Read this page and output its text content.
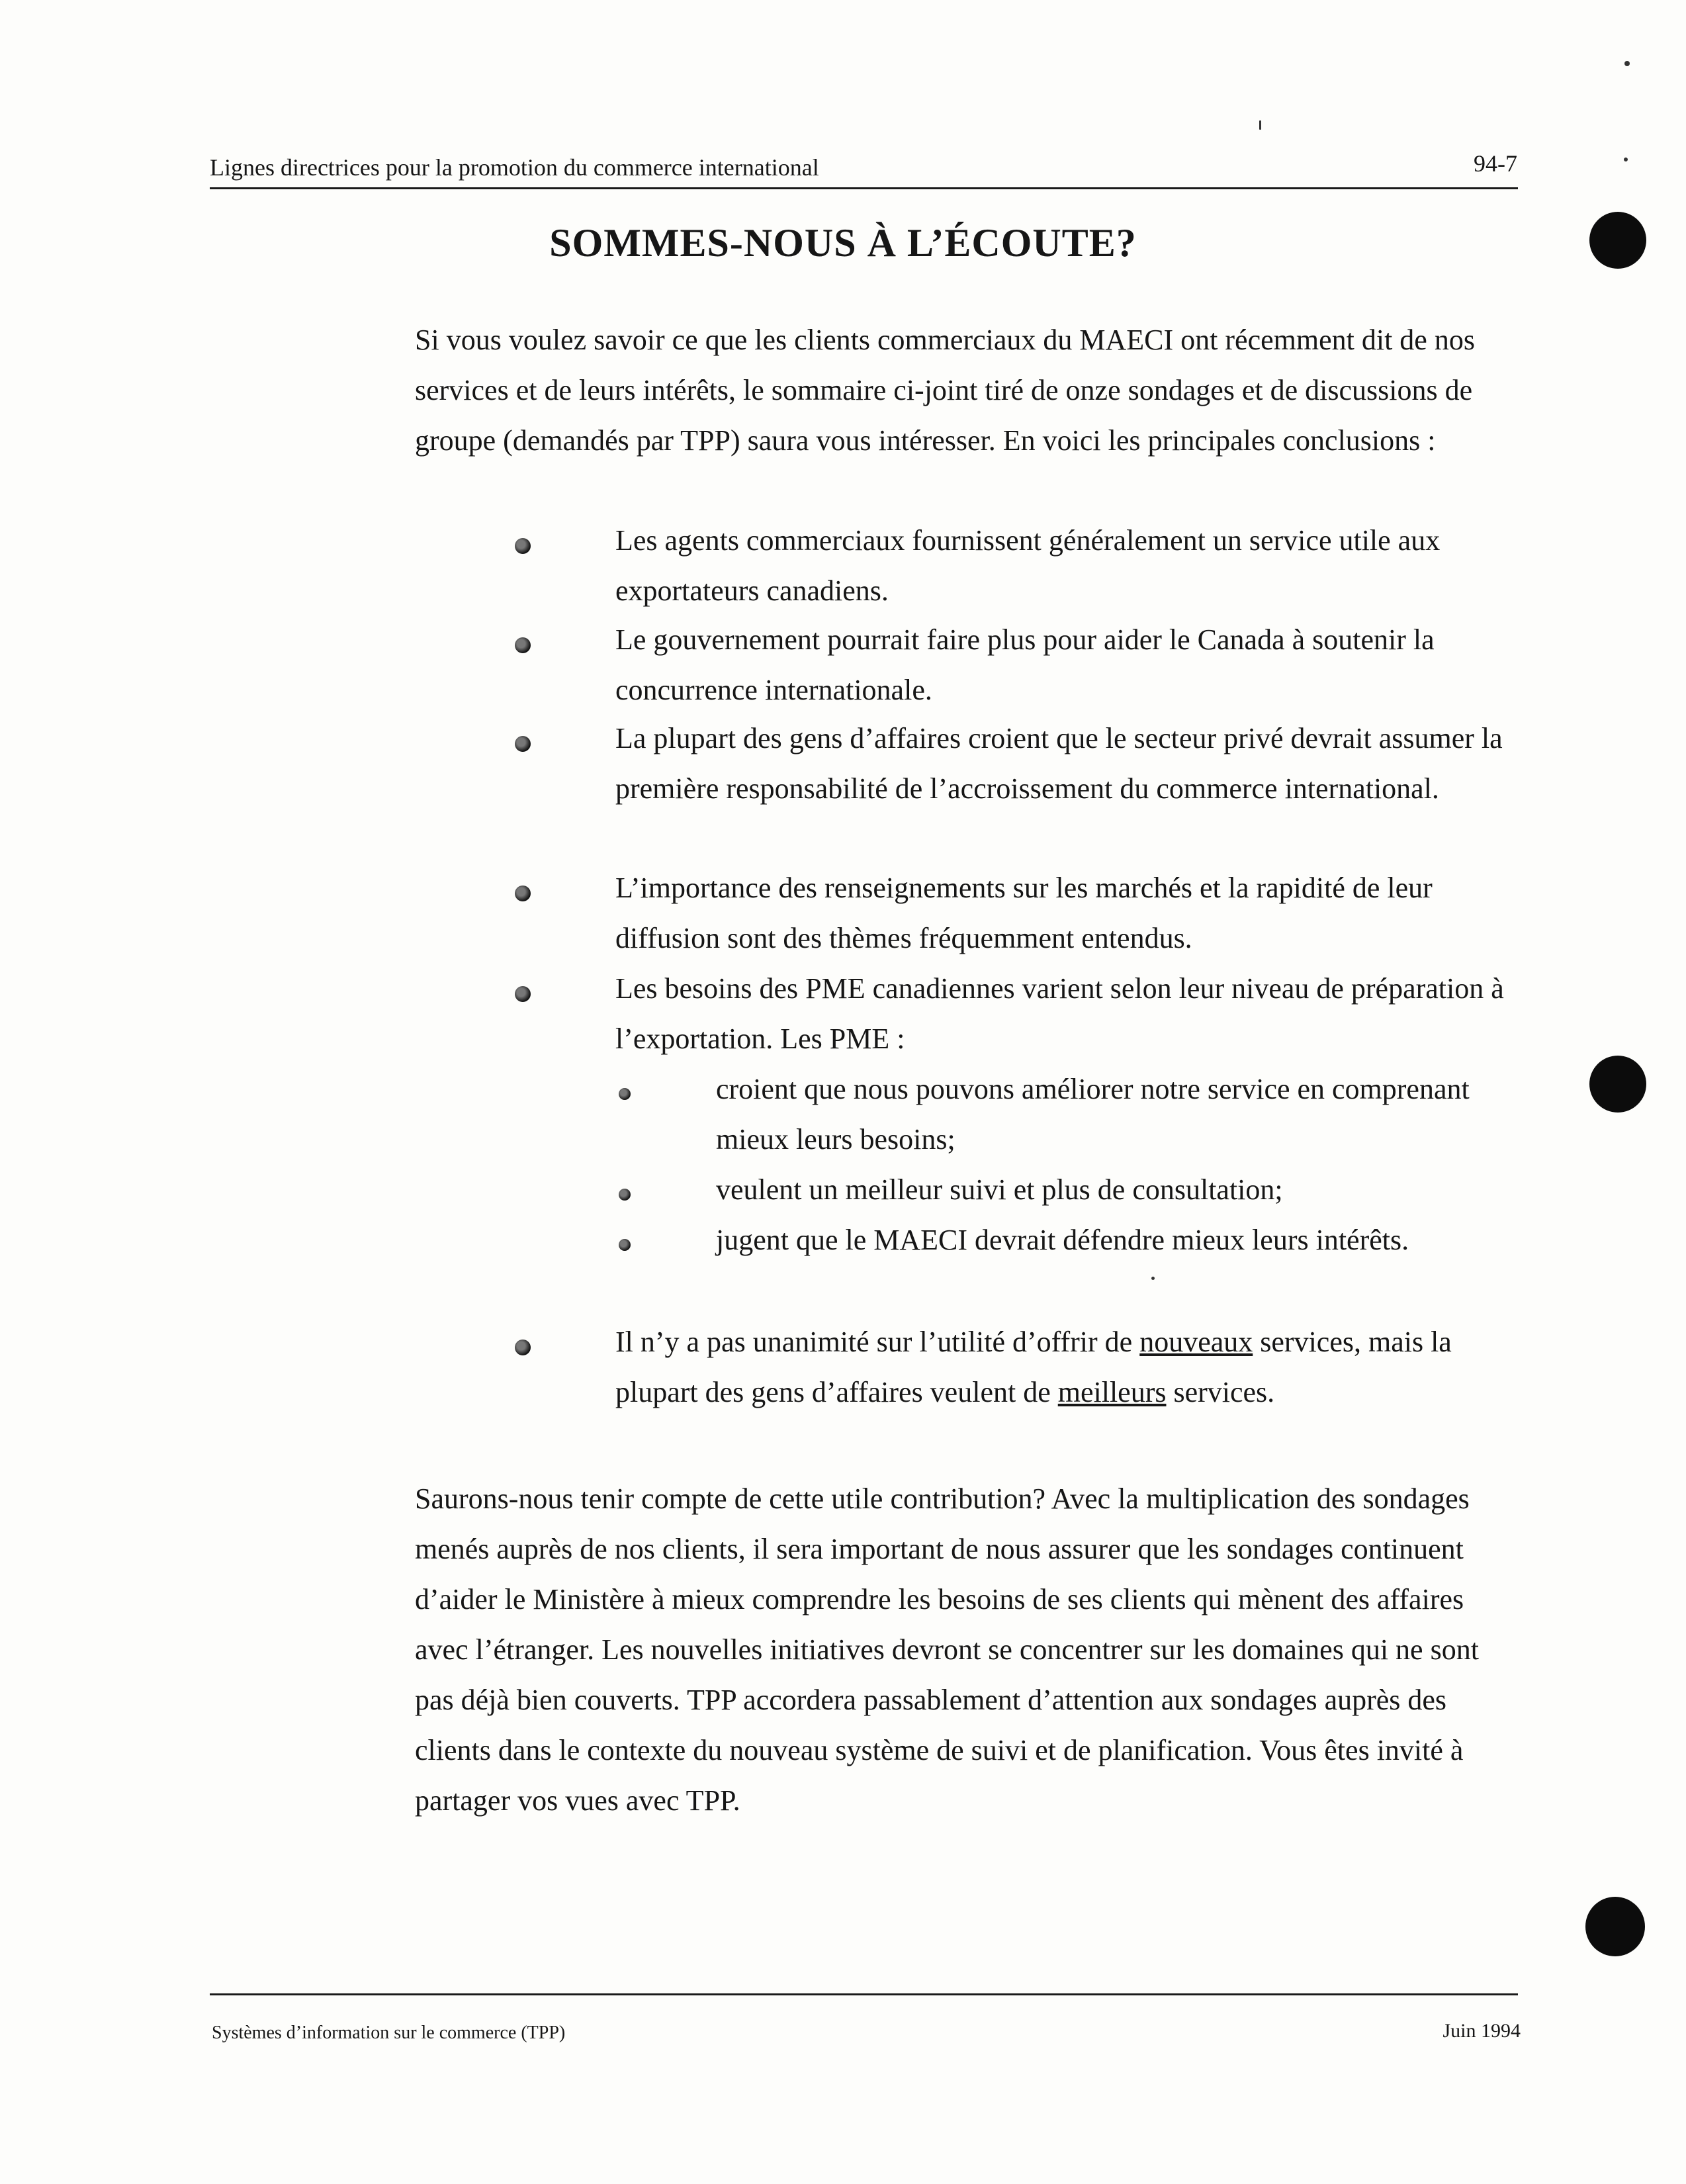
Lignes directrices pour la promotion du commerce international	94-7
SOMMES-NOUS À L’ÉCOUTE?
Si vous voulez savoir ce que les clients commerciaux du MAECI ont récemment dit de nos services et de leurs intérêts, le sommaire ci-joint tiré de onze sondages et de discussions de groupe (demandés par TPP) saura vous intéresser. En voici les principales conclusions :
Les agents commerciaux fournissent généralement un service utile aux exportateurs canadiens.
Le gouvernement pourrait faire plus pour aider le Canada à soutenir la concurrence internationale.
La plupart des gens d’affaires croient que le secteur privé devrait assumer la première responsabilité de l’accroissement du commerce international.
L’importance des renseignements sur les marchés et la rapidité de leur diffusion sont des thèmes fréquemment entendus.
Les besoins des PME canadiennes varient selon leur niveau de préparation à l’exportation. Les PME :
croient que nous pouvons améliorer notre service en comprenant mieux leurs besoins;
veulent un meilleur suivi et plus de consultation;
jugent que le MAECI devrait défendre mieux leurs intérêts.
Il n’y a pas unanimité sur l’utilité d’offrir de nouveaux services, mais la plupart des gens d’affaires veulent de meilleurs services.
Saurons-nous tenir compte de cette utile contribution? Avec la multiplication des sondages menés auprès de nos clients, il sera important de nous assurer que les sondages continuent d’aider le Ministère à mieux comprendre les besoins de ses clients qui mènent des affaires avec l’étranger. Les nouvelles initiatives devront se concentrer sur les domaines qui ne sont pas déjà bien couverts. TPP accordera passablement d’attention aux sondages auprès des clients dans le contexte du nouveau système de suivi et de planification. Vous êtes invité à partager vos vues avec TPP.
Systèmes d’information sur le commerce (TPP)	Juin 1994
